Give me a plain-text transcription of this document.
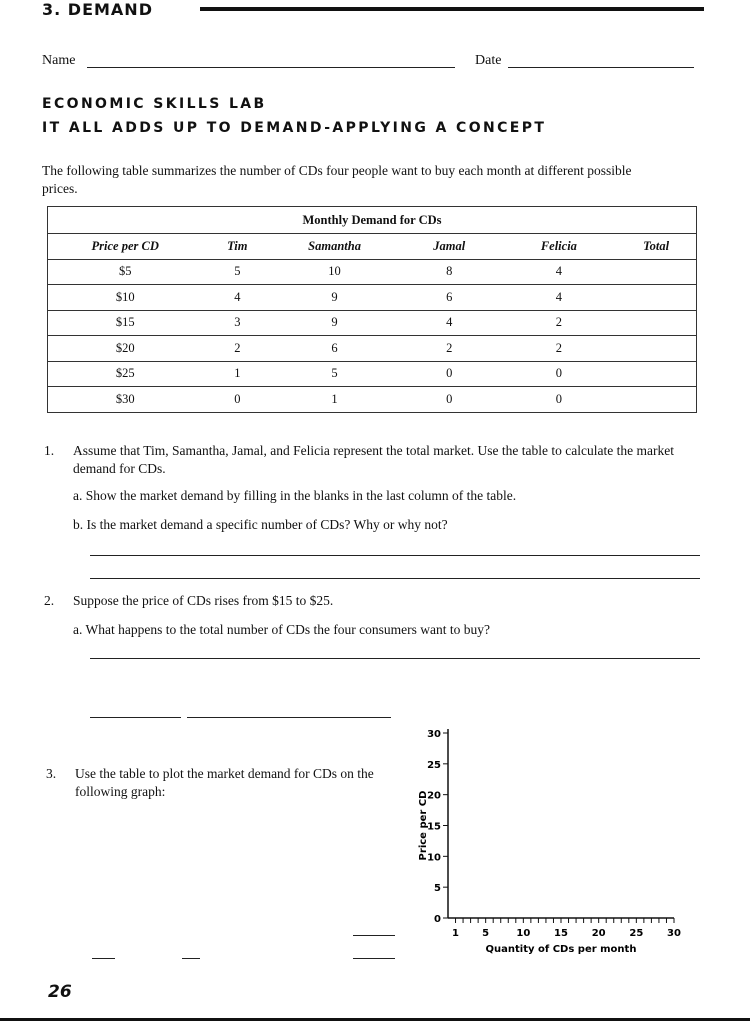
3. DEMAND
Name	Date
ECONOMIC SKILLS LAB
IT ALL ADDS UP TO DEMAND-APPLYING A CONCEPT
The following table summarizes the number of CDs four people want to buy each month at different possible prices.
Monthly Demand for CDs					
Price per CD	Tim	Samantha	Jamal	Felicia	Total
$5	5	10	8	4	
$10	4	9	6	4	
$15	3	9	4	2	
$20	2	6	2	2	
$25	1	5	0	0	
$30	0	1	0	0	
1. Assume that Tim, Samantha, Jamal, and Felicia represent the total market. Use the table to calculate the market demand for CDs.
a. Show the market demand by filling in the blanks in the last column of the table.
b. Is the market demand a specific number of CDs? Why or why not?
2. Suppose the price of CDs rises from $15 to $25.
a. What happens to the total number of CDs the four consumers want to buy?
3. Use the table to plot the market demand for CDs on the following graph:
0
5
10
15
20
25
30
1 5	10 15 20 25 30
Quantity of CDs per month
Price per CD
26
